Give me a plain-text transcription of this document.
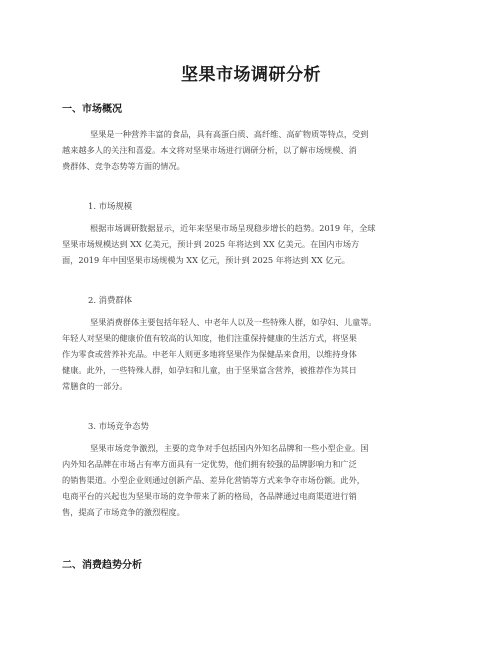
坚果市场调研分析
一、市场概况
坚果是一种营养丰富的食品，具有高蛋白质、高纤维、高矿物质等特点，受到
越来越多人的关注和喜爱。本文将对坚果市场进行调研分析，以了解市场规模、消
费群体、竞争态势等方面的情况。
1. 市场规模
根据市场调研数据显示，近年来坚果市场呈现稳步增长的趋势。2019 年，全球
坚果市场规模达到 XX 亿美元，预计到 2025 年将达到 XX 亿美元。在国内市场方
面，2019 年中国坚果市场规模为 XX 亿元，预计到 2025 年将达到 XX 亿元。
2. 消费群体
坚果消费群体主要包括年轻人、中老年人以及一些特殊人群，如孕妇、儿童等。
年轻人对坚果的健康价值有较高的认知度，他们注重保持健康的生活方式，将坚果
作为零食或营养补充品。中老年人则更多地将坚果作为保健品来食用，以维持身体
健康。此外，一些特殊人群，如孕妇和儿童，由于坚果富含营养，被推荐作为其日
常膳食的一部分。
3. 市场竞争态势
坚果市场竞争激烈，主要的竞争对手包括国内外知名品牌和一些小型企业。国
内外知名品牌在市场占有率方面具有一定优势，他们拥有较强的品牌影响力和广泛
的销售渠道。小型企业则通过创新产品、差异化营销等方式来争夺市场份额。此外，
电商平台的兴起也为坚果市场的竞争带来了新的格局，各品牌通过电商渠道进行销
售，提高了市场竞争的激烈程度。
二、消费趋势分析
